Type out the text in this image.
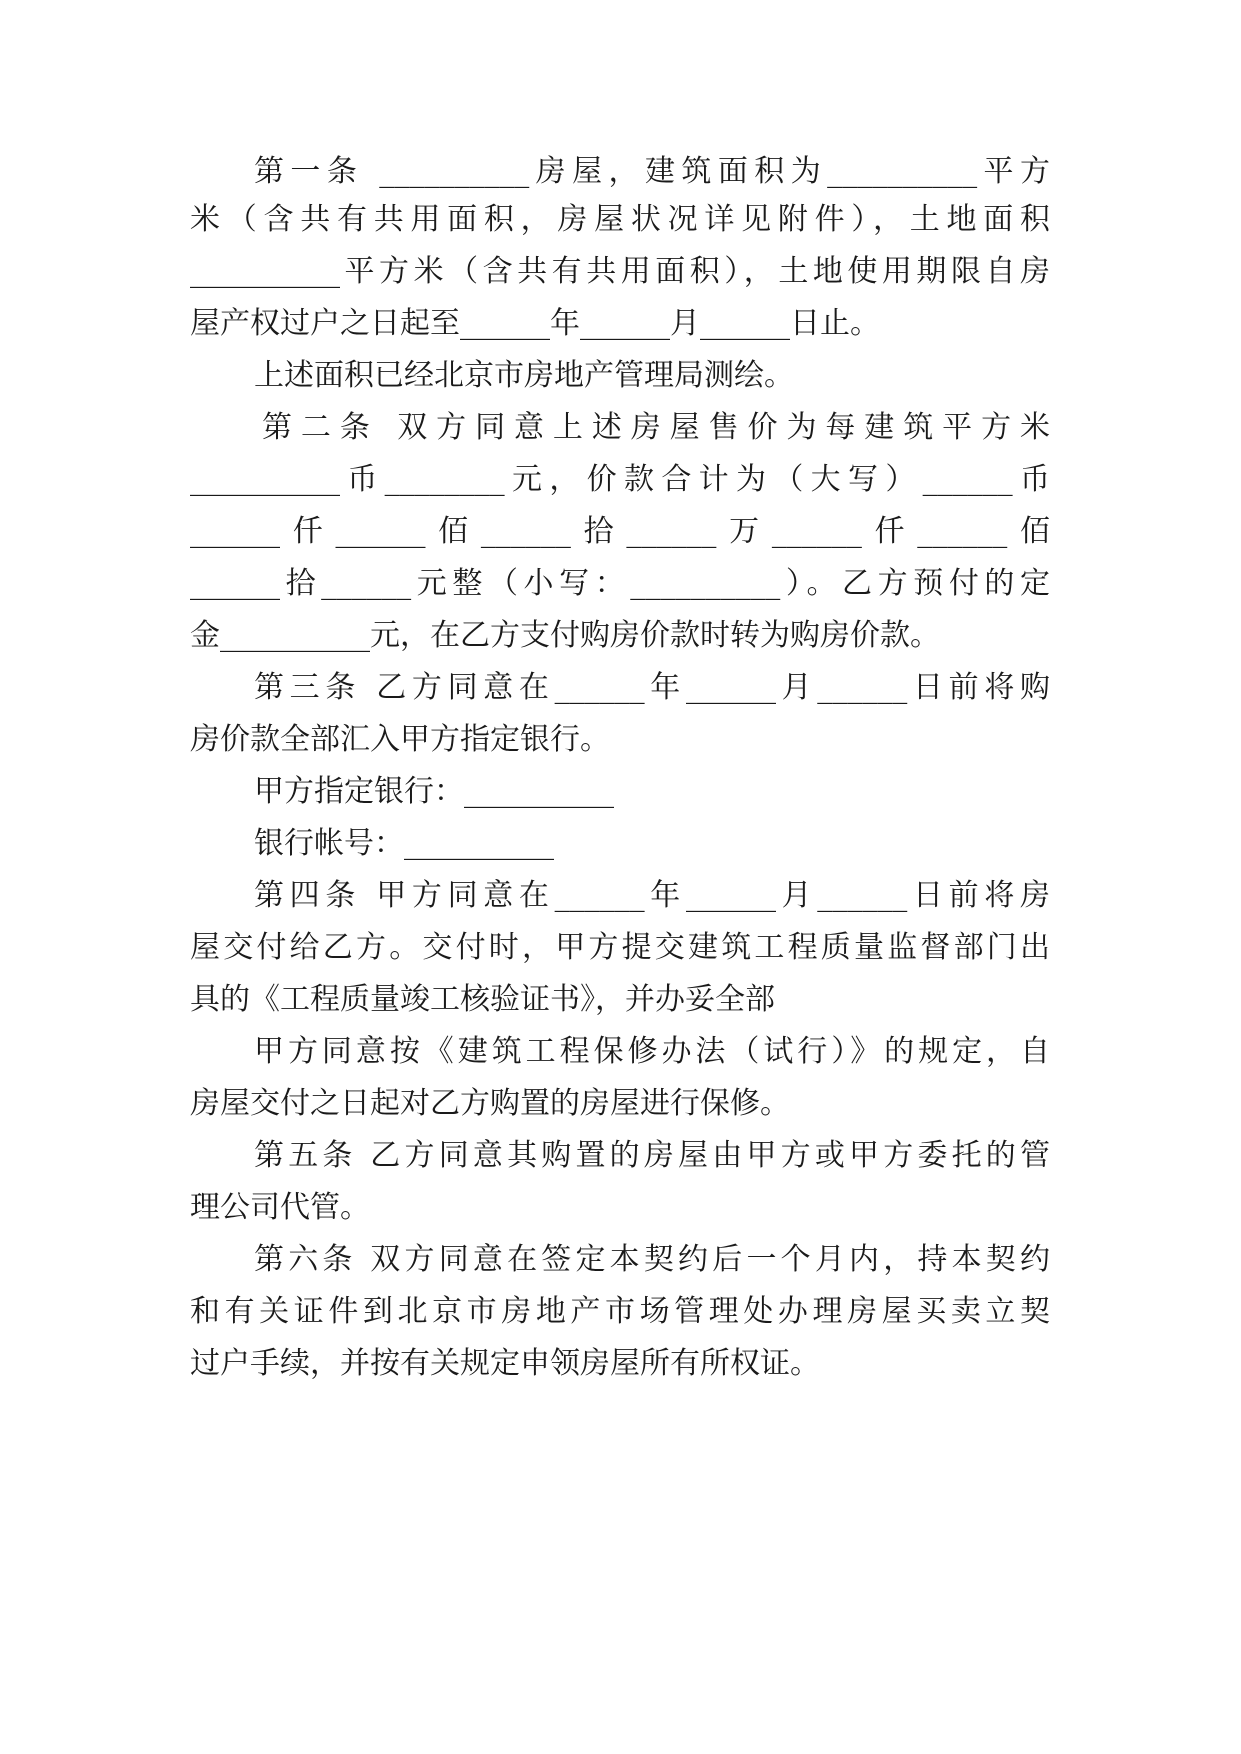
第一条 __________房屋，建筑面积为__________平方
米（含共有共用面积，房屋状况详见附件），土地面积
__________平方米（含共有共用面积），土地使用期限自房
屋产权过户之日起至______年______月______日止。
上述面积已经北京市房地产管理局测绘。
第二条 双方同意上述房屋售价为每建筑平方米
__________币________元，价款合计为（大写）______币
______仟______佰______拾______万______仟______佰
______拾______元整（小写：__________）。乙方预付的定
金__________元，在乙方支付购房价款时转为购房价款。
第三条 乙方同意在______年______月______日前将购
房价款全部汇入甲方指定银行。
甲方指定银行：__________
银行帐号：__________
第四条 甲方同意在______年______月______日前将房
屋交付给乙方。交付时，甲方提交建筑工程质量监督部门出
具的《工程质量竣工核验证书》，并办妥全部
甲方同意按《建筑工程保修办法（试行）》的规定，自
房屋交付之日起对乙方购置的房屋进行保修。
第五条 乙方同意其购置的房屋由甲方或甲方委托的管
理公司代管。
第六条 双方同意在签定本契约后一个月内，持本契约
和有关证件到北京市房地产市场管理处办理房屋买卖立契
过户手续，并按有关规定申领房屋所有所权证。
